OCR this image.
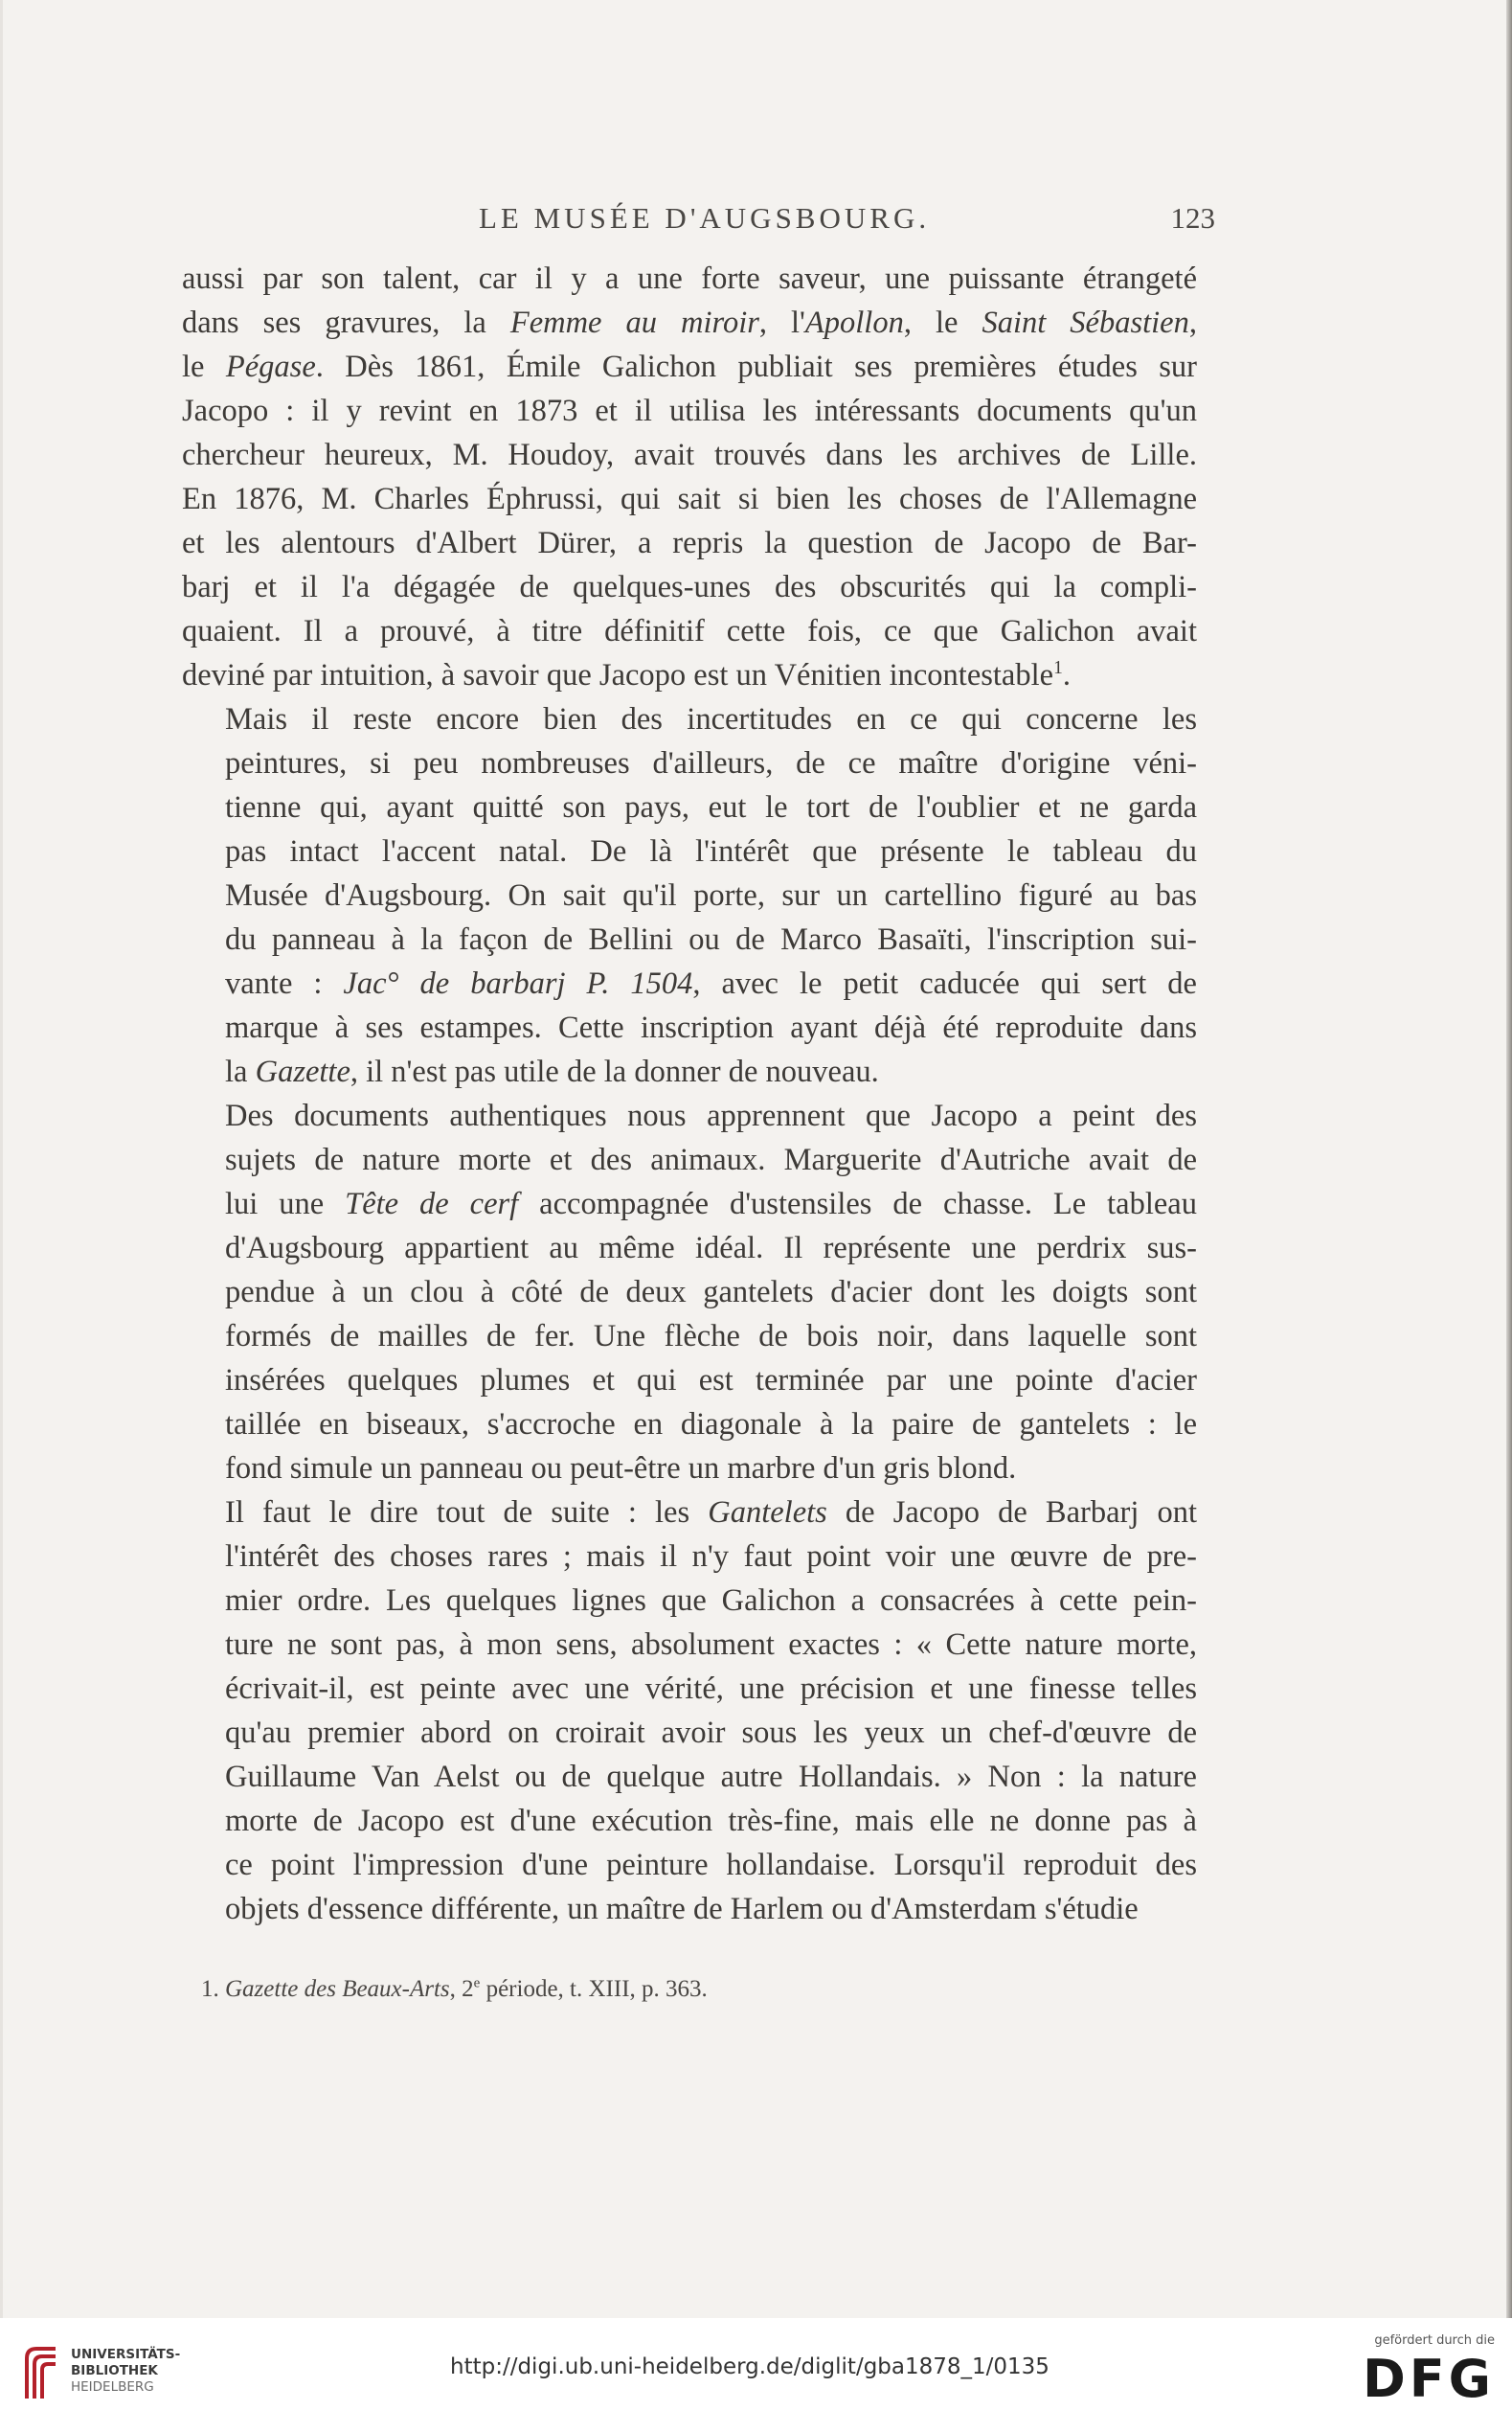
LE MUSÉE D'AUGSBOURG.	123

aussi par son talent, car il y a une forte saveur, une puissante étrangeté
dans ses gravures, la Femme au miroir, l'Apollon, le Saint Sébastien,
le Pégase. Dès 1861, Émile Galichon publiait ses premières études sur
Jacopo : il y revint en 1873 et il utilisa les intéressants documents qu'un
chercheur heureux, M. Houdoy, avait trouvés dans les archives de Lille.
En 1876, M. Charles Éphrussi, qui sait si bien les choses de l'Allemagne
et les alentours d'Albert Dürer, a repris la question de Jacopo de Bar-
barj et il l'a dégagée de quelques-unes des obscurités qui la compli-
quaient. Il a prouvé, à titre définitif cette fois, ce que Galichon avait
deviné par intuition, à savoir que Jacopo est un Vénitien incontestable$^1$.

Mais il reste encore bien des incertitudes en ce qui concerne les
peintures, si peu nombreuses d'ailleurs, de ce maître d'origine véni-
tienne qui, ayant quitté son pays, eut le tort de l'oublier et ne garda
pas intact l'accent natal. De là l'intérêt que présente le tableau du
Musée d'Augsbourg. On sait qu'il porte, sur un cartellino figuré au bas
du panneau à la façon de Bellini ou de Marco Basaïti, l'inscription sui-
vante : Jac° de barbarj P. 1504, avec le petit caducée qui sert de
marque à ses estampes. Cette inscription ayant déjà été reproduite dans
la Gazette, il n'est pas utile de la donner de nouveau.

Des documents authentiques nous apprennent que Jacopo a peint des
sujets de nature morte et des animaux. Marguerite d'Autriche avait de
lui une Tête de cerf accompagnée d'ustensiles de chasse. Le tableau
d'Augsbourg appartient au même idéal. Il représente une perdrix sus-
pendue à un clou à côté de deux gantelets d'acier dont les doigts sont
formés de mailles de fer. Une flèche de bois noir, dans laquelle sont
insérées quelques plumes et qui est terminée par une pointe d'acier
taillée en biseaux, s'accroche en diagonale à la paire de gantelets : le
fond simule un panneau ou peut-être un marbre d'un gris blond.

Il faut le dire tout de suite : les Gantelets de Jacopo de Barbarj ont
l'intérêt des choses rares ; mais il n'y faut point voir une œuvre de pre-
mier ordre. Les quelques lignes que Galichon a consacrées à cette pein-
ture ne sont pas, à mon sens, absolument exactes : « Cette nature morte,
écrivait-il, est peinte avec une vérité, une précision et une finesse telles
qu'au premier abord on croirait avoir sous les yeux un chef-d'œuvre de
Guillaume Van Aelst ou de quelque autre Hollandais. » Non : la nature
morte de Jacopo est d'une exécution très-fine, mais elle ne donne pas à
ce point l'impression d'une peinture hollandaise. Lorsqu'il reproduit des
objets d'essence différente, un maître de Harlem ou d'Amsterdam s'étudie

1. Gazette des Beaux-Arts, 2e période, t. XIII, p. 363.
UNIVERSITÄTS-
BIBLIOTHEK
HEIDELBERG
http://digi.ub.uni-heidelberg.de/diglit/gba1878_1/0135
gefördert durch die
DFG
